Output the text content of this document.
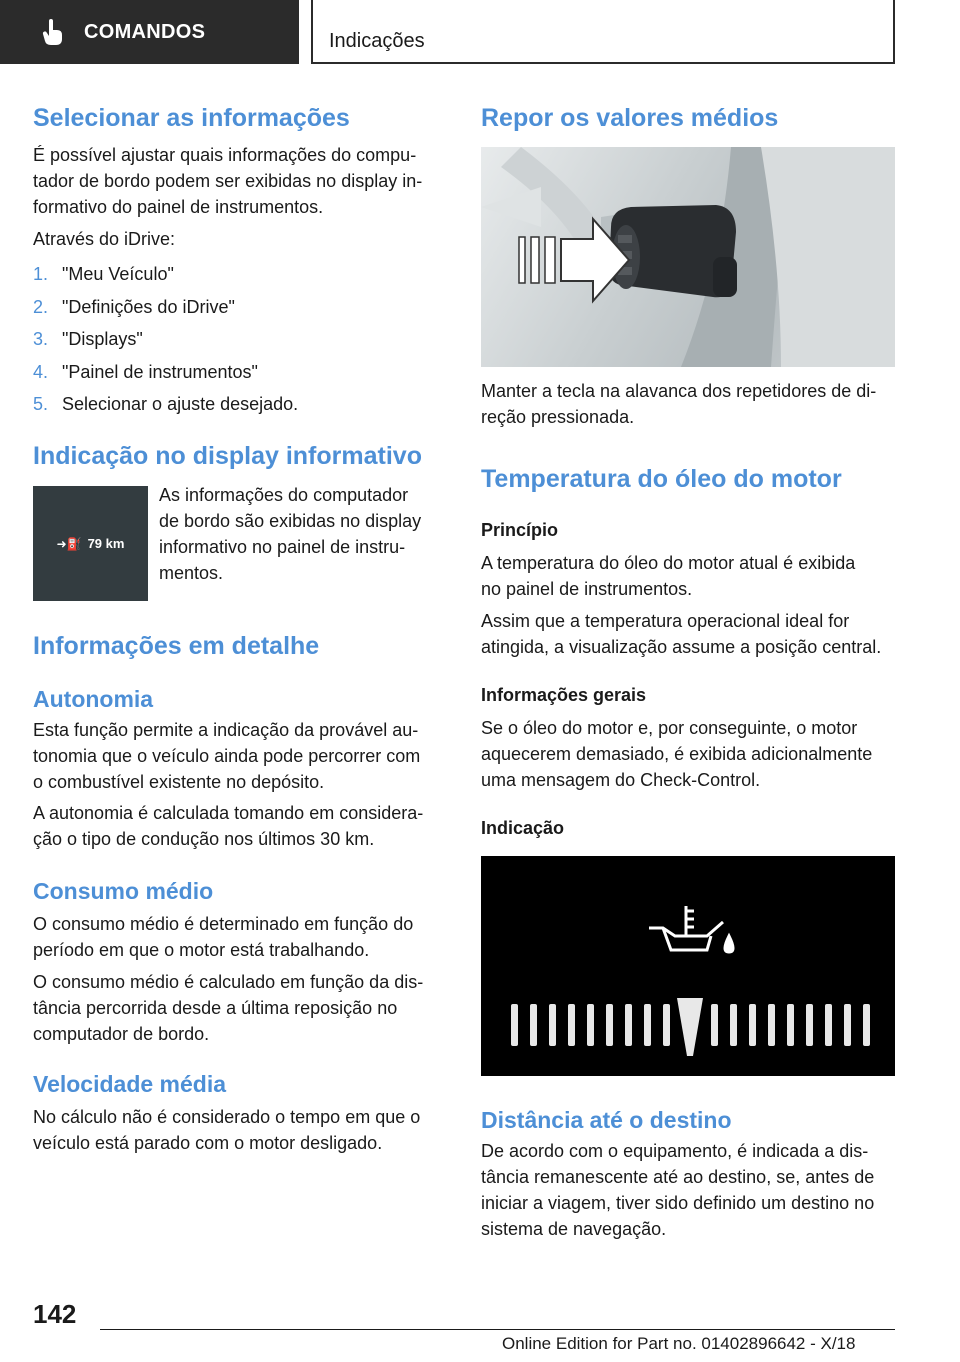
COMANDOS	Indicações
Selecionar as informações

É possível ajustar quais informações do compu-
tador de bordo podem ser exibidas no display in-
formativo do painel de instrumentos.

Através do iDrive:

1. "Meu Veículo"
2. "Definições do iDrive"
3. "Displays"
4. "Painel de instrumentos"
5. Selecionar o ajuste desejado.
Indicação no display informativo
➜⛽ 79 km

As informações do computador
de bordo são exibidas no display
informativo no painel de instru-
mentos.

Informações em detalhe
Autonomia

Esta função permite a indicação da provável au-
tonomia que o veículo ainda pode percorrer com
o combustível existente no depósito.

A autonomia é calculada tomando em considera-
ção o tipo de condução nos últimos 30 km.

Consumo médio

O consumo médio é determinado em função do
período em que o motor está trabalhando.

O consumo médio é calculado em função da dis-
tância percorrida desde a última reposição no
computador de bordo.

Velocidade média

No cálculo não é considerado o tempo em que o
veículo está parado com o motor desligado.

Repor os valores médios

Manter a tecla na alavanca dos repetidores de di-
reção pressionada.

Temperatura do óleo do motor
Princípio

A temperatura do óleo do motor atual é exibida
no painel de instrumentos.

Assim que a temperatura operacional ideal for
atingida, a visualização assume a posição central.

Informações gerais

Se o óleo do motor e, por conseguinte, o motor
aquecerem demasiado, é exibida adicionalmente
uma mensagem do Check-Control.

Indicação
Distância até o destino

De acordo com o equipamento, é indicada a dis-
tância remanescente até ao destino, se, antes de
iniciar a viagem, tiver sido definido um destino no
sistema de navegação.

142
Online Edition for Part no. 01402896642 - X/18
